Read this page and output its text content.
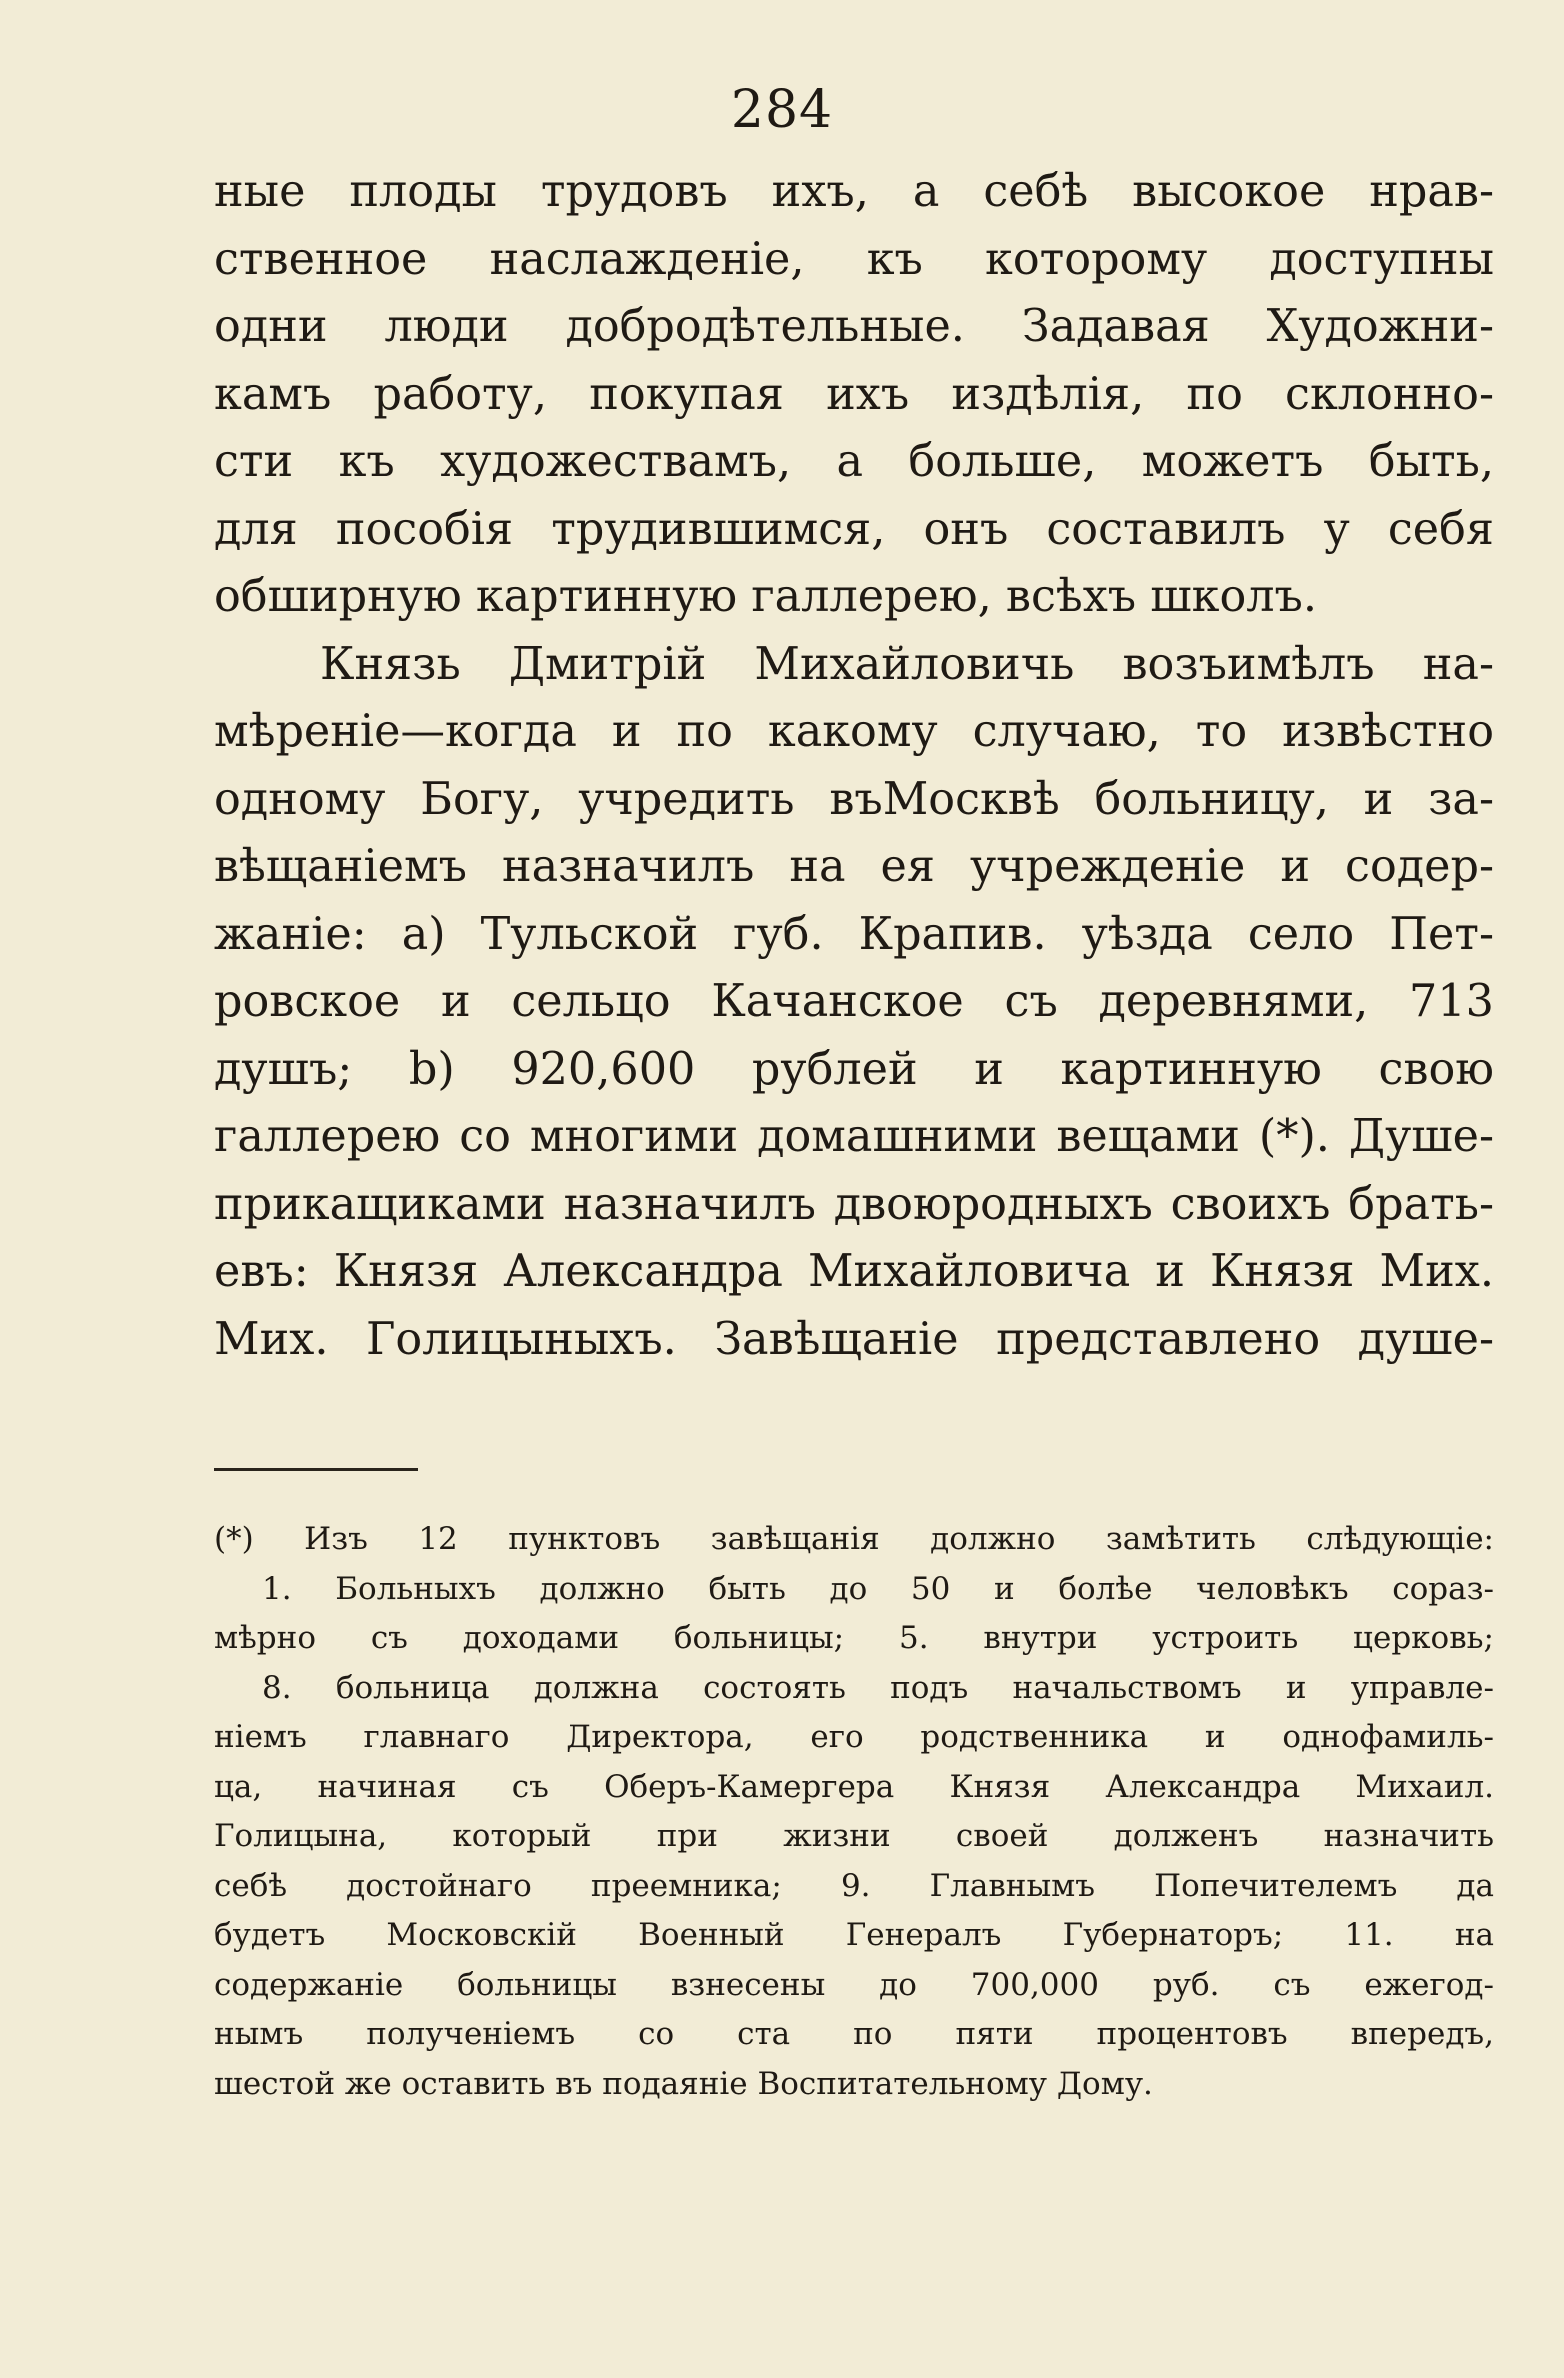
284
ные плоды трудовъ ихъ, а себѣ высокое нрав-
ственное наслажденіе, къ которому доступны
одни люди добродѣтельные. Задавая Художни-
камъ работу, покупая ихъ издѣлія, по склонно-
сти къ художествамъ, а больше, можетъ быть,
для пособія трудившимся, онъ составилъ у себя
обширную картинную галлерею, всѣхъ школъ.
Князь Дмитрій Михайловичь возъимѣлъ на-
мѣреніе—когда и по какому случаю, то извѣстно
одному Богу, учредить въМосквѣ больницу, и за-
вѣщаніемъ назначилъ на ея учрежденіе и содер-
жаніе: a) Тульской губ. Крапив. уѣзда село Пет-
ровское и сельцо Качанское съ деревнями, 713
душъ; b) 920,600 рублей и картинную свою
галлерею со многими домашними вещами (*). Душе-
прикащиками назначилъ двоюродныхъ своихъ брать-
евъ: Князя Александра Михайловича и Князя Мих.
Мих. Голицыныхъ. Завѣщаніе представлено душе-
(*) Изъ 12 пунктовъ завѣщанія должно замѣтить слѣдующіе:
1. Больныхъ должно быть до 50 и болѣе человѣкъ сораз-
мѣрно съ доходами больницы; 5. внутри устроить церковь;
8. больница должна состоять подъ начальствомъ и управле-
ніемъ главнаго Директора, его родственника и однофамиль-
ца, начиная съ Оберъ-Камергера Князя Александра Михаил.
Голицына, который при жизни своей долженъ назначить
себѣ достойнаго преемника; 9. Главнымъ Попечителемъ да
будетъ Московскій Военный Генералъ Губернаторъ; 11. на
содержаніе больницы взнесены до 700,000 руб. съ ежегод-
нымъ полученіемъ со ста по пяти процентовъ впередъ,
шестой же оставить въ подаяніе Воспитательному Дому.
